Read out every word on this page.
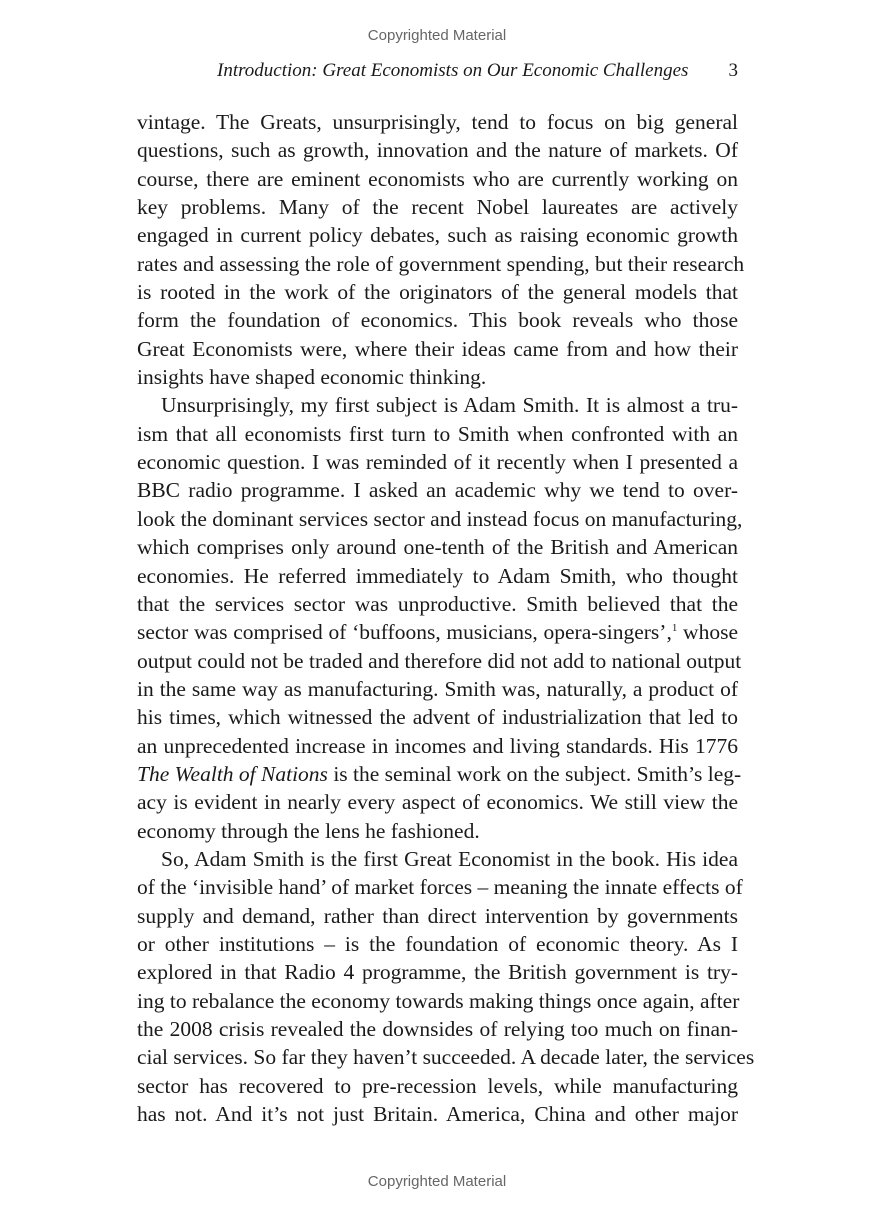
Copyrighted Material
Introduction: Great Economists on Our Economic Challenges 3

vintage. The Greats, unsurprisingly, tend to focus on big general
questions, such as growth, innovation and the nature of markets. Of
course, there are eminent economists who are currently working on
key problems. Many of the recent Nobel laureates are actively
engaged in current policy debates, such as raising economic growth
rates and assessing the role of government spending, but their research
is rooted in the work of the originators of the general models that
form the foundation of economics. This book reveals who those
Great Economists were, where their ideas came from and how their
insights have shaped economic thinking.

Unsurprisingly, my first subject is Adam Smith. It is almost a tru-
ism that all economists first turn to Smith when confronted with an
economic question. I was reminded of it recently when I presented a
BBC radio programme. I asked an academic why we tend to over-
look the dominant services sector and instead focus on manufacturing,
which comprises only around one-tenth of the British and American
economies. He referred immediately to Adam Smith, who thought
that the services sector was unproductive. Smith believed that the
sector was comprised of ‘buffoons, musicians, opera-singers’,$^1$ whose
output could not be traded and therefore did not add to national output
in the same way as manufacturing. Smith was, naturally, a product of
his times, which witnessed the advent of industrialization that led to
an unprecedented increase in incomes and living standards. His 1776
The Wealth of Nations is the seminal work on the subject. Smith’s leg-
acy is evident in nearly every aspect of economics. We still view the
economy through the lens he fashioned.

So, Adam Smith is the first Great Economist in the book. His idea
of the ‘invisible hand’ of market forces – meaning the innate effects of
supply and demand, rather than direct intervention by governments
or other institutions – is the foundation of economic theory. As I
explored in that Radio 4 programme, the British government is try-
ing to rebalance the economy towards making things once again, after
the 2008 crisis revealed the downsides of relying too much on finan-
cial services. So far they haven’t succeeded. A decade later, the services
sector has recovered to pre-recession levels, while manufacturing
has not. And it’s not just Britain. America, China and other major

Copyrighted Material
